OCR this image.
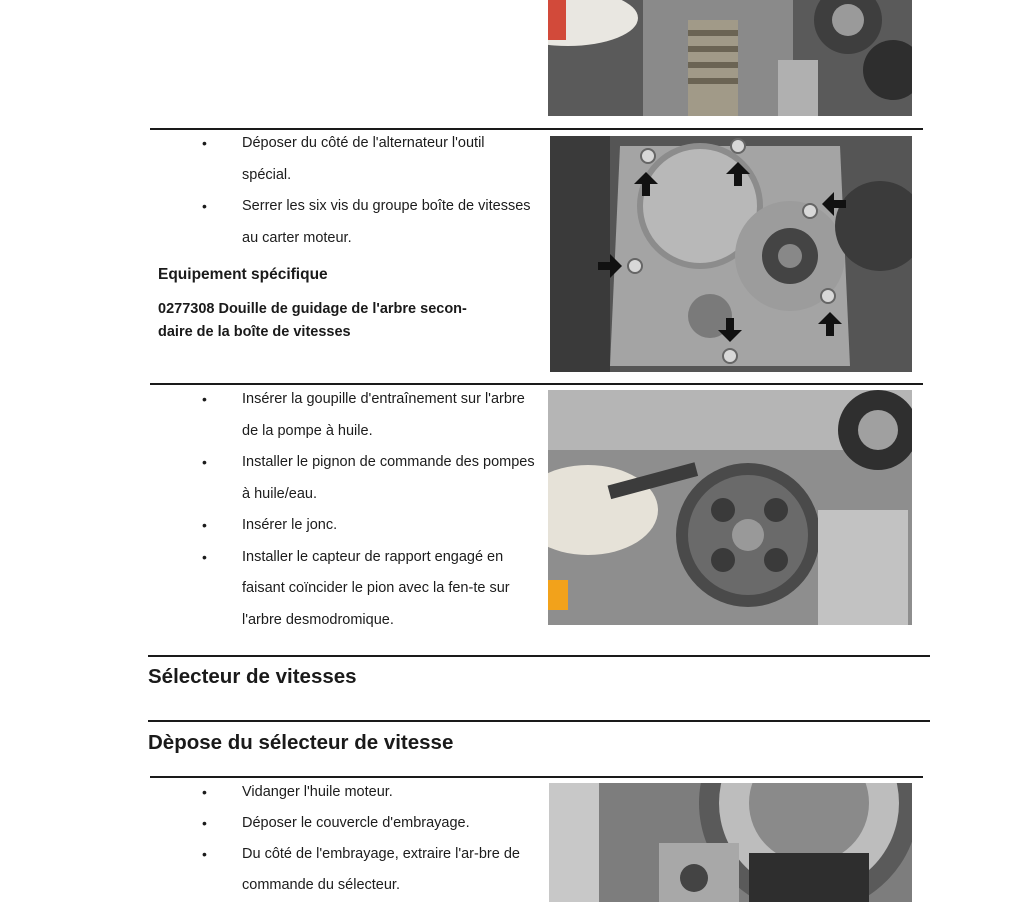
• Déposer du côté de l'alternateur l'outil spécial.
• Serrer les six vis du groupe boîte de vitesses au carter moteur.
Equipement spécifique
0277308 Douille de guidage de l'arbre secon-
daire de la boîte de vitesses
• Insérer la goupille d'entraînement sur l'arbre de la pompe à huile.
• Installer le pignon de commande des pompes à huile/eau.
• Insérer le jonc.
• Installer le capteur de rapport engagé en faisant coïncider le pion avec la fen-te sur l'arbre desmodromique.
Sélecteur de vitesses
Dèpose du sélecteur de vitesse
• Vidanger l'huile moteur.
• Déposer le couvercle d'embrayage.
• Du côté de l'embrayage, extraire l'ar-bre de commande du sélecteur.
